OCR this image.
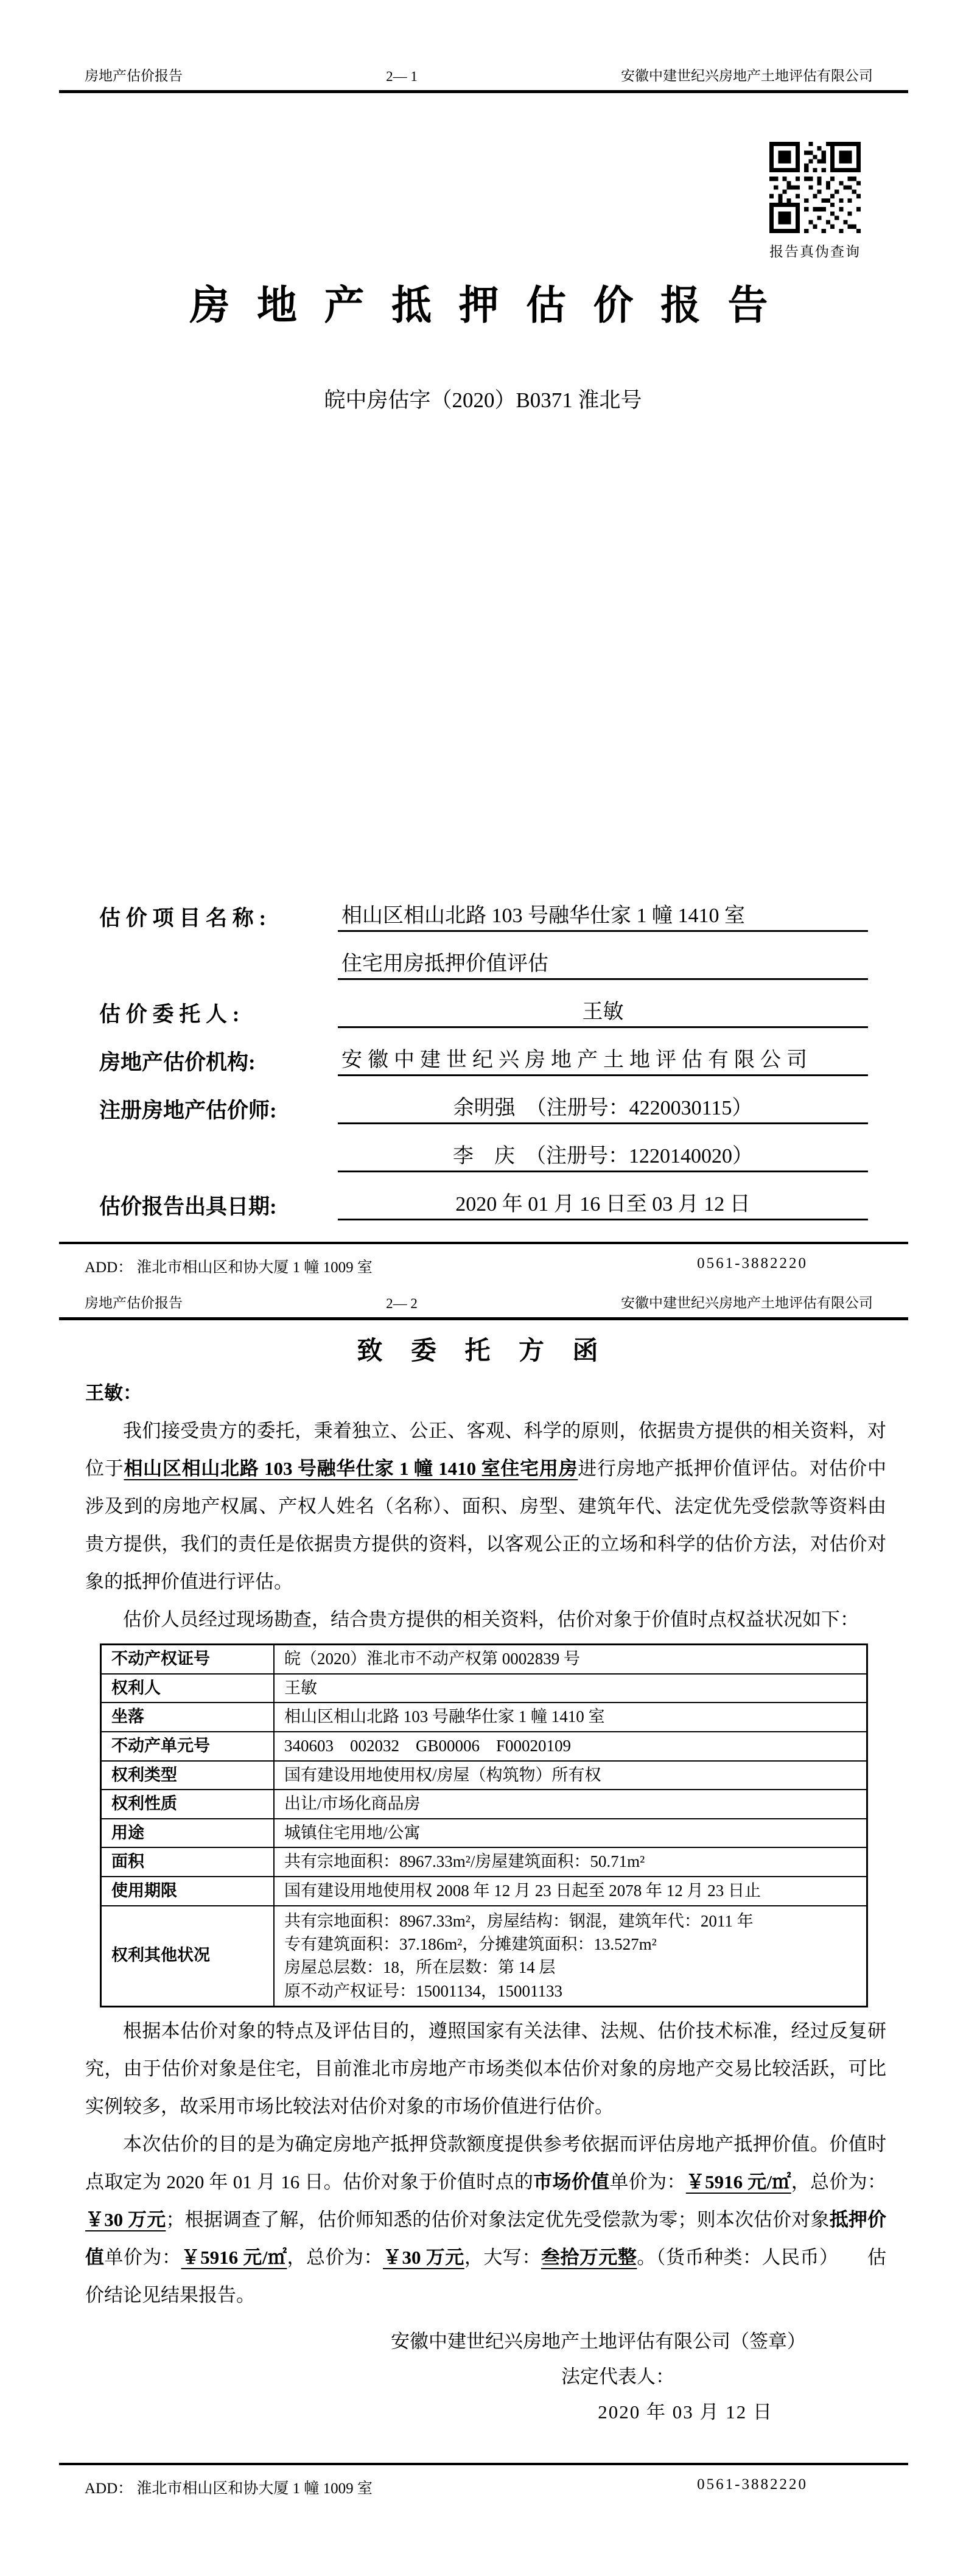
房地产估价报告	2— 1	安徽中建世纪兴房地产土地评估有限公司
报告真伪查询
房 地 产 抵 押 估 价 报 告
皖中房估字（2020）B0371 淮北号
估 价 项 目 名 称 :	相山区相山北路 103 号融华仕家 1 幢 1410 室
住宅用房抵押价值评估
估 价 委 托 人 :	王敏
房地产估价机构:	安徽中建世纪兴房地产土地评估有限公司
注册房地产估价师:	余明强　（注册号：4220030115）
李　庆　（注册号：1220140020）
估价报告出具日期:	2020 年 01 月 16 日至 03 月 12 日
ADD： 淮北市相山区和协大厦 1 幢 1009 室	0561-3882220
房地产估价报告	2— 2	安徽中建世纪兴房地产土地评估有限公司
致 委 托 方 函
王敏：

我们接受贵方的委托，秉着独立、公正、客观、科学的原则，依据贵方提供的相关资料，对位于相山区相山北路 103 号融华仕家 1 幢 1410 室住宅用房进行房地产抵押价值评估。对估价中涉及到的房地产权属、产权人姓名（名称）、面积、房型、建筑年代、法定优先受偿款等资料由贵方提供，我们的责任是依据贵方提供的资料，以客观公正的立场和科学的估价方法，对估价对象的抵押价值进行评估。

估价人员经过现场勘查，结合贵方提供的相关资料，估价对象于价值时点权益状况如下：

不动产权证号	皖（2020）淮北市不动产权第 0002839 号
权利人	王敏
坐落	相山区相山北路 103 号融华仕家 1 幢 1410 室
不动产单元号	340603　002032　GB00006　F00020109
权利类型	国有建设用地使用权/房屋（构筑物）所有权
权利性质	出让/市场化商品房
用途	城镇住宅用地/公寓
面积	共有宗地面积：8967.33m²/房屋建筑面积：50.71m²
使用期限	国有建设用地使用权 2008 年 12 月 23 日起至 2078 年 12 月 23 日止
权利其他状况	共有宗地面积：8967.33m²，房屋结构：钢混，建筑年代：2011 年
专有建筑面积：37.186m²，分摊建筑面积：13.527m²
房屋总层数：18，所在层数：第 14 层
原不动产权证号：15001134，15001133

根据本估价对象的特点及评估目的，遵照国家有关法律、法规、估价技术标准，经过反复研究，由于估价对象是住宅，目前淮北市房地产市场类似本估价对象的房地产交易比较活跃，可比实例较多，故采用市场比较法对估价对象的市场价值进行估价。

本次估价的目的是为确定房地产抵押贷款额度提供参考依据而评估房地产抵押价值。价值时点取定为 2020 年 01 月 16 日。估价对象于价值时点的市场价值单价为：￥5916 元/㎡，总价为：￥30 万元；根据调查了解，估价师知悉的估价对象法定优先受偿款为零；则本次估价对象抵押价值单价为：￥5916 元/㎡，总价为：￥30 万元，大写：叁拾万元整。（货币种类：人民币）　　估价结论见结果报告。

安徽中建世纪兴房地产土地评估有限公司（签章）
法定代表人：
2020 年 03 月 12 日
ADD： 淮北市相山区和协大厦 1 幢 1009 室	0561-3882220
